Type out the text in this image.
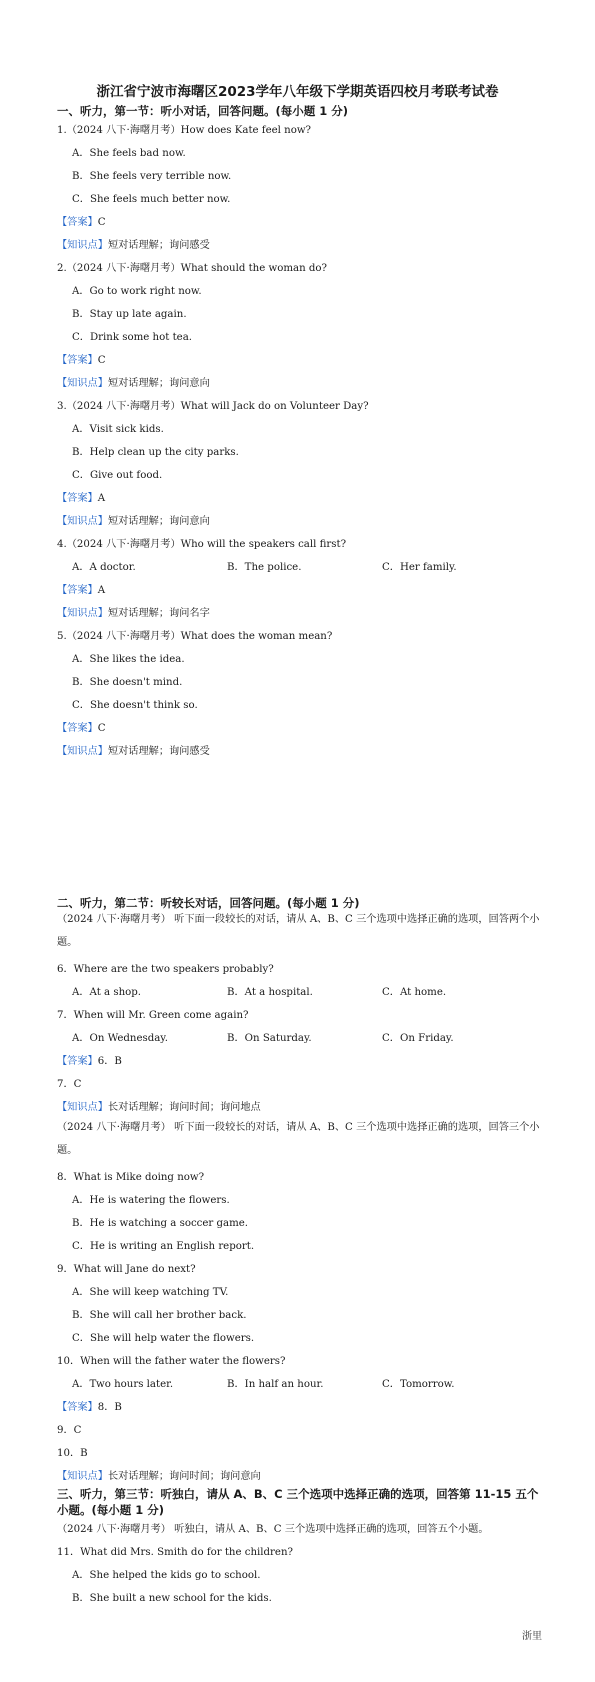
浙江省宁波市海曙区2023学年八年级下学期英语四校月考联考试卷
一、听力，第一节：听小对话，回答问题。(每小题 1 分)
1.（2024 八下·海曙月考）How does Kate feel now?
A．She feels bad now.
B．She feels very terrible now.
C．She feels much better now.
【答案】C
【知识点】短对话理解；询问感受
2.（2024 八下·海曙月考）What should the woman do?
A．Go to work right now.
B．Stay up late again.
C．Drink some hot tea.
【答案】C
【知识点】短对话理解；询问意向
3.（2024 八下·海曙月考）What will Jack do on Volunteer Day?
A．Visit sick kids.
B．Help clean up the city parks.
C．Give out food.
【答案】A
【知识点】短对话理解；询问意向
4.（2024 八下·海曙月考）Who will the speakers call first?
A．A doctor.	B．The police.	C．Her family.
【答案】A
【知识点】短对话理解；询问名字
5.（2024 八下·海曙月考）What does the woman mean?
A．She likes the idea.
B．She doesn't mind.
C．She doesn't think so.
【答案】C
【知识点】短对话理解；询问感受
二、听力，第二节：听较长对话，回答问题。(每小题 1 分)
（2024 八下·海曙月考） 听下面一段较长的对话，请从 A、B、C 三个选项中选择正确的选项，回答两个小题。
6．Where are the two speakers probably?
A．At a shop.	B．At a hospital.	C．At home.
7．When will Mr. Green come again?
A．On Wednesday.	B．On Saturday.	C．On Friday.
【答案】6．B
7．C
【知识点】长对话理解；询问时间；询问地点
（2024 八下·海曙月考） 听下面一段较长的对话，请从 A、B、C 三个选项中选择正确的选项，回答三个小题。
8．What is Mike doing now?
A．He is watering the flowers.
B．He is watching a soccer game.
C．He is writing an English report.
9．What will Jane do next?
A．She will keep watching TV.
B．She will call her brother back.
C．She will help water the flowers.
10．When will the father water the flowers?
A．Two hours later.	B．In half an hour.	C．Tomorrow.
【答案】8．B
9．C
10．B
【知识点】长对话理解；询问时间；询问意向
三、听力，第三节：听独白，请从 A、B、C 三个选项中选择正确的选项，回答第 11-15 五个小题。(每小题 1 分)
（2024 八下·海曙月考） 听独白，请从 A、B、C 三个选项中选择正确的选项，回答五个小题。
11．What did Mrs. Smith do for the children?
A．She helped the kids go to school.
B．She built a new school for the kids.
浙里
